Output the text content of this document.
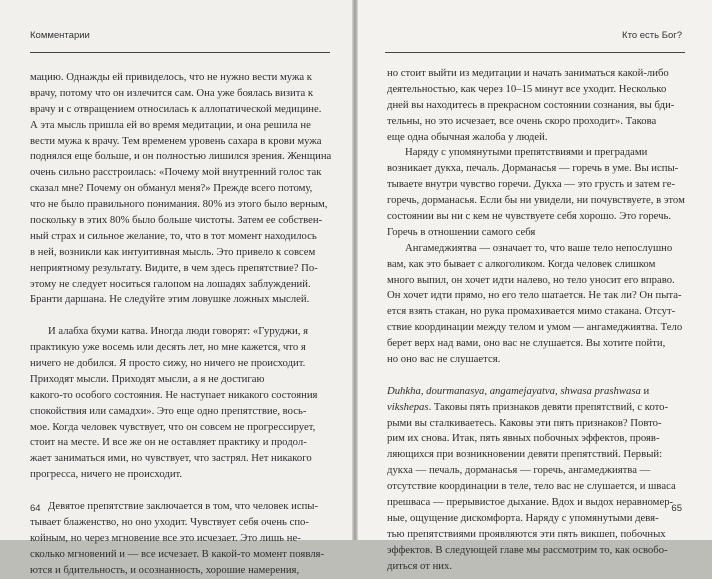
Комментарии
мацию. Однажды ей привиделось, что не нужно вести мужа к
врачу, потому что он излечится сам. Она уже боялась визита к
врачу и с отвращением относилась к аллопатической медицине.
А эта мысль пришла ей во время медитации, и она решила не
вести мужа к врачу. Тем временем уровень сахара в крови мужа
поднялся еще больше, и он полностью лишился зрения. Женщина
очень сильно расстроилась: «Почему мой внутренний голос так
сказал мне? Почему он обманул меня?» Прежде всего потому,
что не было правильного понимания. 80% из этого было верным,
поскольку в этих 80% было больше чистоты. Затем ее собствен-
ный страх и сильное желание, то, что в тот момент находилось
в ней, возникли как интуитивная мысль. Это привело к совсем
неприятному результату. Видите, в чем здесь препятствие? По-
этому не следует носиться галопом на лошадях заблуждений.
Бранти даршана. Не следуйте этим ловушке ложных мыслей.
И алабха бхуми катва. Иногда люди говорят: «Гуруджи, я
практикую уже восемь или десять лет, но мне кажется, что я
ничего не добился. Я просто сижу, но ничего не происходит.
Приходят мысли. Приходят мысли, а я не достигаю
какого-то особого состояния. Не наступает никакого состояния
спокойствия или самадхи». Это еще одно препятствие, вось-
мое. Когда человек чувствует, что он совсем не прогрессирует,
стоит на месте. И все же он не оставляет практику и продол-
жает заниматься ими, но чувствует, что застрял. Нет никакого
прогресса, ничего не происходит.
Девятое препятствие заключается в том, что человек испы-
тывает блаженство, но оно уходит. Чувствует себя очень спо-
койным, но через мгновение все это исчезает. Это лишь не-
сколько мгновений и — все исчезает. В какой-то момент появля-
ются и бдительность, и осознанность, хорошие намерения,
64
Кто есть Бог?
но стоит выйти из медитации и начать заниматься какой-либо
деятельностью, как через 10–15 минут все уходит. Несколько
дней вы находитесь в прекрасном состоянии сознания, вы бди-
тельны, но это исчезает, все очень скоро проходит». Такова
еще одна обычная жалоба у людей.
Наряду с упомянутыми препятствиями и преградами
возникает дукха, печаль. Дорманасья — горечь в уме. Вы испы-
тываете внутри чувство горечи. Дукха — это грусть и затем ге-
горечь, дорманасья. Если бы ни увидели, ни почувствуете, в этом
состоянии вы ни с кем не чувствуете себя хорошо. Это горечь.
Горечь в отношении самого себя
Ангамеджиятва — означает то, что ваше тело непослушно
вам, как это бывает с алкоголиком. Когда человек слишком
много выпил, он хочет идти налево, но тело уносит его вправо.
Он хочет идти прямо, но его тело шатается. Не так ли? Он пыта-
ется взять стакан, но рука промахивается мимо стакана. Отсут-
ствие координации между телом и умом — ангамеджиятва. Тело
берет верх над вами, оно вас не слушается. Вы хотите пойти,
но оно вас не слушается.
Duhkha, dourmanasya, angamejayatva, shwasa prashwasa и
vikshepas. Таковы пять признаков девяти препятствий, с кото-
рыми вы сталкиваетесь. Каковы эти пять признаков? Повто-
рим их снова. Итак, пять явных побочных эффектов, прояв-
ляющихся при возникновении девяти препятствий. Первый:
дукха — печаль, дорманасья — горечь, ангамеджиятва —
отсутствие координации в теле, тело вас не слушается, и шваса
прешваса — прерывистое дыхание. Вдох и выдох неравномер-
ные, ощущение дискомфорта. Наряду с упомянутыми девя-
тью препятствиями проявляются эти пять викшеп, побочных
эффектов. В следующей главе мы рассмотрим то, как освобо-
диться от них.
65
